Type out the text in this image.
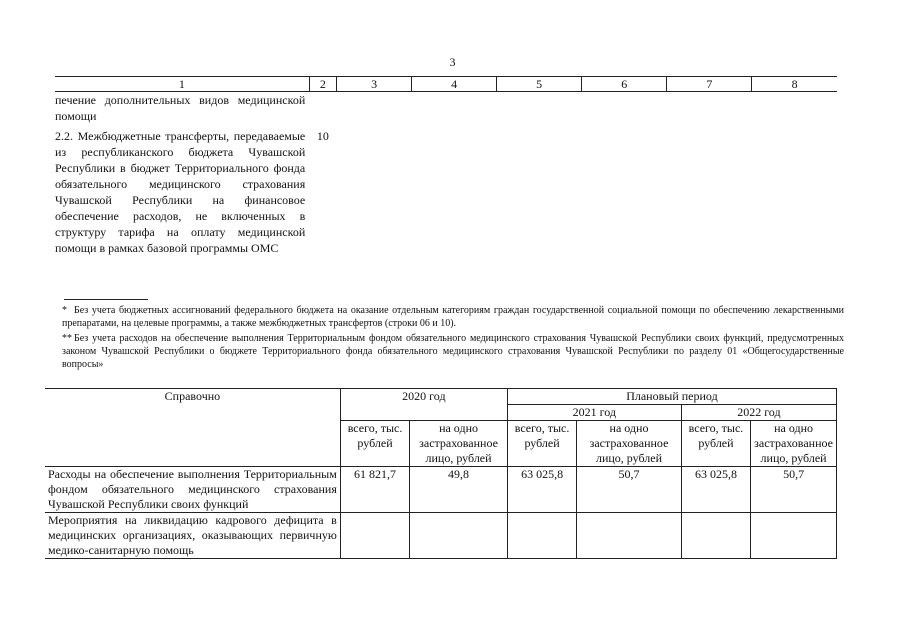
3
1	2	3	4	5	6	7	8
печение дополнительных видов медицинской помощи							
2.2. Межбюджетные трансферты, передаваемые из республиканского бюджета Чувашской Республики в бюджет Территориального фонда обязательного медицинского страхования Чувашской Республики на финансовое обеспечение расходов, не включенных в структуру тарифа на оплату медицинской помощи в рамках базовой программы ОМС	10						
* Без учета бюджетных ассигнований федерального бюджета на оказание отдельным категориям граждан государственной социальной помощи по обеспечению лекарственными препаратами, на целевые программы, а также межбюджетных трансфертов (строки 06 и 10).
** Без учета расходов на обеспечение выполнения Территориальным фондом обязательного медицинского страхования Чувашской Республики своих функций, предусмотренных законом Чувашской Республики о бюджете Территориального фонда обязательного медицинского страхования Чувашской Республики по разделу 01 «Общегосударственные вопросы»
Справочно	2020 год		Плановый период			
			2021 год		2022 год	
	всего, тыс. рублей	на одно застрахованное лицо, рублей	всего, тыс. рублей	на одно застрахованное лицо, рублей	всего, тыс. рублей	на одно застрахованное лицо, рублей
Расходы на обеспечение выполнения Территориальным фондом обязательного медицинского страхования Чувашской Республики своих функций	61 821,7	49,8	63 025,8	50,7	63 025,8	50,7
Мероприятия на ликвидацию кадрового дефицита в медицинских организациях, оказывающих первичную медико-санитарную помощь						
